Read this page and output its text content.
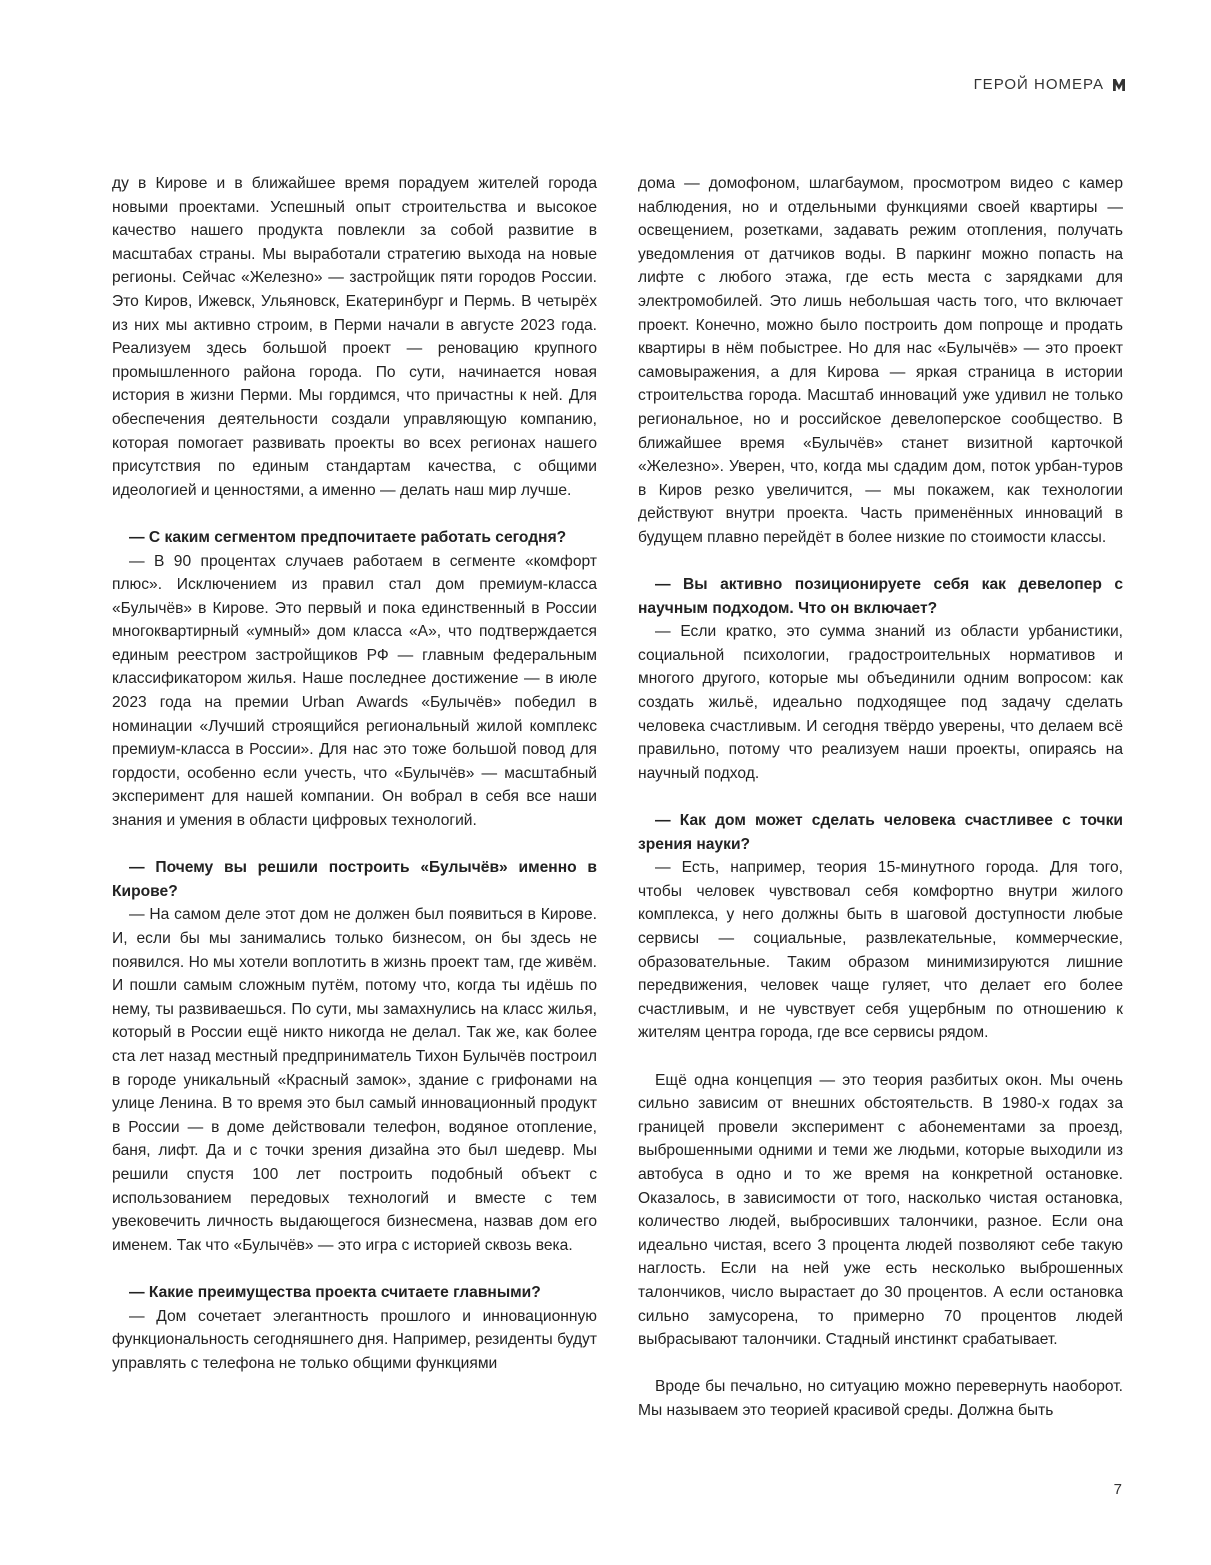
ГЕРОЙ НОМЕРА

ду в Кирове и в ближайшее время порадуем жителей города новыми проектами. Успешный опыт строительства и высокое качество нашего продукта повлекли за собой развитие в масштабах страны. Мы выработали стратегию выхода на новые регионы. Сейчас «Железно» — застройщик пяти городов России. Это Киров, Ижевск, Ульяновск, Екатеринбург и Пермь. В четырёх из них мы активно строим, в Перми начали в августе 2023 года. Реализуем здесь большой проект — реновацию крупного промышленного района города. По сути, начинается новая история в жизни Перми. Мы гордимся, что причастны к ней. Для обеспечения деятельности создали управляющую компанию, которая помогает развивать проекты во всех регионах нашего присутствия по единым стандартам качества, с общими идеологией и ценностями, а именно — делать наш мир лучше.

— С каким сегментом предпочитаете работать сегодня?

— В 90 процентах случаев работаем в сегменте «комфорт плюс». Исключением из правил стал дом премиум-класса «Булычёв» в Кирове. Это первый и пока единственный в России многоквартирный «умный» дом класса «А», что подтверждается единым реестром застройщиков РФ — главным федеральным классификатором жилья. Наше последнее достижение — в июле 2023 года на премии Urban Awards «Булычёв» победил в номинации «Лучший строящийся региональный жилой комплекс премиум-класса в России». Для нас это тоже большой повод для гордости, особенно если учесть, что «Булычёв» — масштабный эксперимент для нашей компании. Он вобрал в себя все наши знания и умения в области цифровых технологий.

— Почему вы решили построить «Булычёв» именно в Кирове?

— На самом деле этот дом не должен был появиться в Кирове. И, если бы мы занимались только бизнесом, он бы здесь не появился. Но мы хотели воплотить в жизнь проект там, где живём. И пошли самым сложным путём, потому что, когда ты идёшь по нему, ты развиваешься. По сути, мы замахнулись на класс жилья, который в России ещё никто никогда не делал. Так же, как более ста лет назад местный предприниматель Тихон Булычёв построил в городе уникальный «Красный замок», здание с грифонами на улице Ленина. В то время это был самый инновационный продукт в России — в доме действовали телефон, водяное отопление, баня, лифт. Да и с точки зрения дизайна это был шедевр. Мы решили спустя 100 лет построить подобный объект с использованием передовых технологий и вместе с тем увековечить личность выдающегося бизнесмена, назвав дом его именем. Так что «Булычёв» — это игра с историей сквозь века.

— Какие преимущества проекта считаете главными?

— Дом сочетает элегантность прошлого и инновационную функциональность сегодняшнего дня. Например, резиденты будут управлять с телефона не только общими функциями

дома — домофоном, шлагбаумом, просмотром видео с камер наблюдения, но и отдельными функциями своей квартиры — освещением, розетками, задавать режим отопления, получать уведомления от датчиков воды. В паркинг можно попасть на лифте с любого этажа, где есть места с зарядками для электромобилей. Это лишь небольшая часть того, что включает проект. Конечно, можно было построить дом попроще и продать квартиры в нём побыстрее. Но для нас «Булычёв» — это проект самовыражения, а для Кирова — яркая страница в истории строительства города. Масштаб инноваций уже удивил не только региональное, но и российское девелоперское сообщество. В ближайшее время «Булычёв» станет визитной карточкой «Железно». Уверен, что, когда мы сдадим дом, поток урбан-туров в Киров резко увеличится, — мы покажем, как технологии действуют внутри проекта. Часть применённых инноваций в будущем плавно перейдёт в более низкие по стоимости классы.

— Вы активно позиционируете себя как девелопер с научным подходом. Что он включает?

— Если кратко, это сумма знаний из области урбанистики, социальной психологии, градостроительных нормативов и многого другого, которые мы объединили одним вопросом: как создать жильё, идеально подходящее под задачу сделать человека счастливым. И сегодня твёрдо уверены, что делаем всё правильно, потому что реализуем наши проекты, опираясь на научный подход.

— Как дом может сделать человека счастливее с точки зрения науки?

— Есть, например, теория 15-минутного города. Для того, чтобы человек чувствовал себя комфортно внутри жилого комплекса, у него должны быть в шаговой доступности любые сервисы — социальные, развлекательные, коммерческие, образовательные. Таким образом минимизируются лишние передвижения, человек чаще гуляет, что делает его более счастливым, и не чувствует себя ущербным по отношению к жителям центра города, где все сервисы рядом.

Ещё одна концепция — это теория разбитых окон. Мы очень сильно зависим от внешних обстоятельств. В 1980-х годах за границей провели эксперимент с абонементами за проезд, выброшенными одними и теми же людьми, которые выходили из автобуса в одно и то же время на конкретной остановке. Оказалось, в зависимости от того, насколько чистая остановка, количество людей, выбросивших талончики, разное. Если она идеально чистая, всего 3 процента людей позволяют себе такую наглость. Если на ней уже есть несколько выброшенных талончиков, число вырастает до 30 процентов. А если остановка сильно замусорена, то примерно 70 процентов людей выбрасывают талончики. Стадный инстинкт срабатывает.

Вроде бы печально, но ситуацию можно перевернуть наоборот. Мы называем это теорией красивой среды. Должна быть

7
